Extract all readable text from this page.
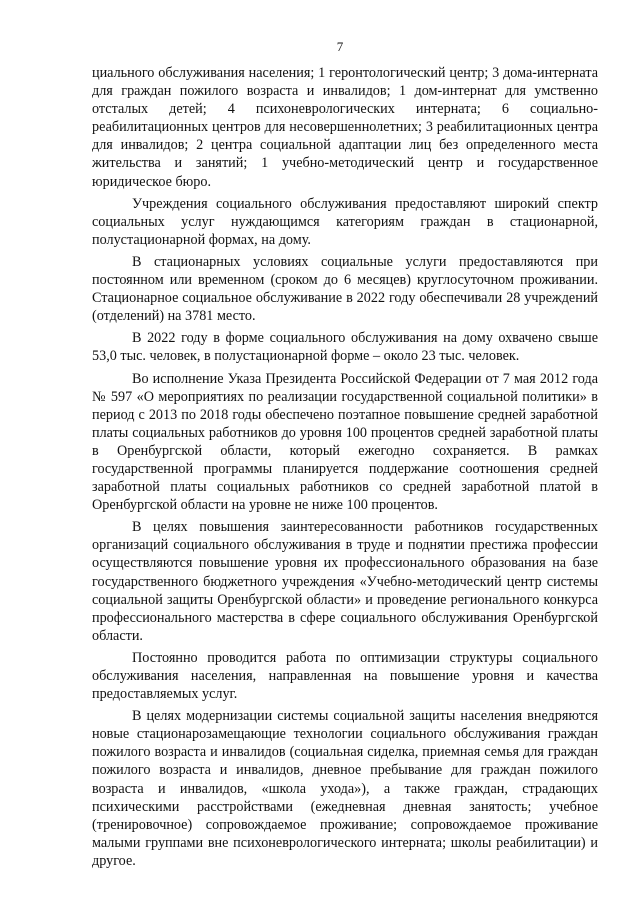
7

циального обслуживания населения; 1 геронтологический центр; 3 дома-интерната для граждан пожилого возраста и инвалидов; 1 дом-интернат для умственно отсталых детей; 4 психоневрологических интерната; 6 социально-реабилитационных центров для несовершеннолетних; 3 реабилитационных центра для инвалидов; 2 центра социальной адаптации лиц без определенного места жительства и занятий; 1 учебно-методический центр и государственное юридическое бюро.

Учреждения социального обслуживания предоставляют широкий спектр социальных услуг нуждающимся категориям граждан в стационарной, полустационарной формах, на дому.

В стационарных условиях социальные услуги предоставляются при постоянном или временном (сроком до 6 месяцев) круглосуточном проживании. Стационарное социальное обслуживание в 2022 году обеспечивали 28 учреждений (отделений) на 3781 место.

В 2022 году в форме социального обслуживания на дому охвачено свыше 53,0 тыс. человек, в полустационарной форме – около 23 тыс. человек.

Во исполнение Указа Президента Российской Федерации от 7 мая 2012 года № 597 «О мероприятиях по реализации государственной социальной политики» в период с 2013 по 2018 годы обеспечено поэтапное повышение средней заработной платы социальных работников до уровня 100 процентов средней заработной платы в Оренбургской области, который ежегодно сохраняется. В рамках государственной программы планируется поддержание соотношения средней заработной платы социальных работников со средней заработной платой в Оренбургской области на уровне не ниже 100 процентов.

В целях повышения заинтересованности работников государственных организаций социального обслуживания в труде и поднятии престижа профессии осуществляются повышение уровня их профессионального образования на базе государственного бюджетного учреждения «Учебно-методический центр системы социальной защиты Оренбургской области» и проведение регионального конкурса профессионального мастерства в сфере социального обслуживания Оренбургской области.

Постоянно проводится работа по оптимизации структуры социального обслуживания населения, направленная на повышение уровня и качества предоставляемых услуг.

В целях модернизации системы социальной защиты населения внедряются новые стационарозамещающие технологии социального обслуживания граждан пожилого возраста и инвалидов (социальная сиделка, приемная семья для граждан пожилого возраста и инвалидов, дневное пребывание для граждан пожилого возраста и инвалидов, «школа ухода»), а также граждан, страдающих психическими расстройствами (ежедневная дневная занятость; учебное (тренировочное) сопровождаемое проживание; сопровождаемое проживание малыми группами вне психоневрологического интерната; школы реабилитации) и другое.
